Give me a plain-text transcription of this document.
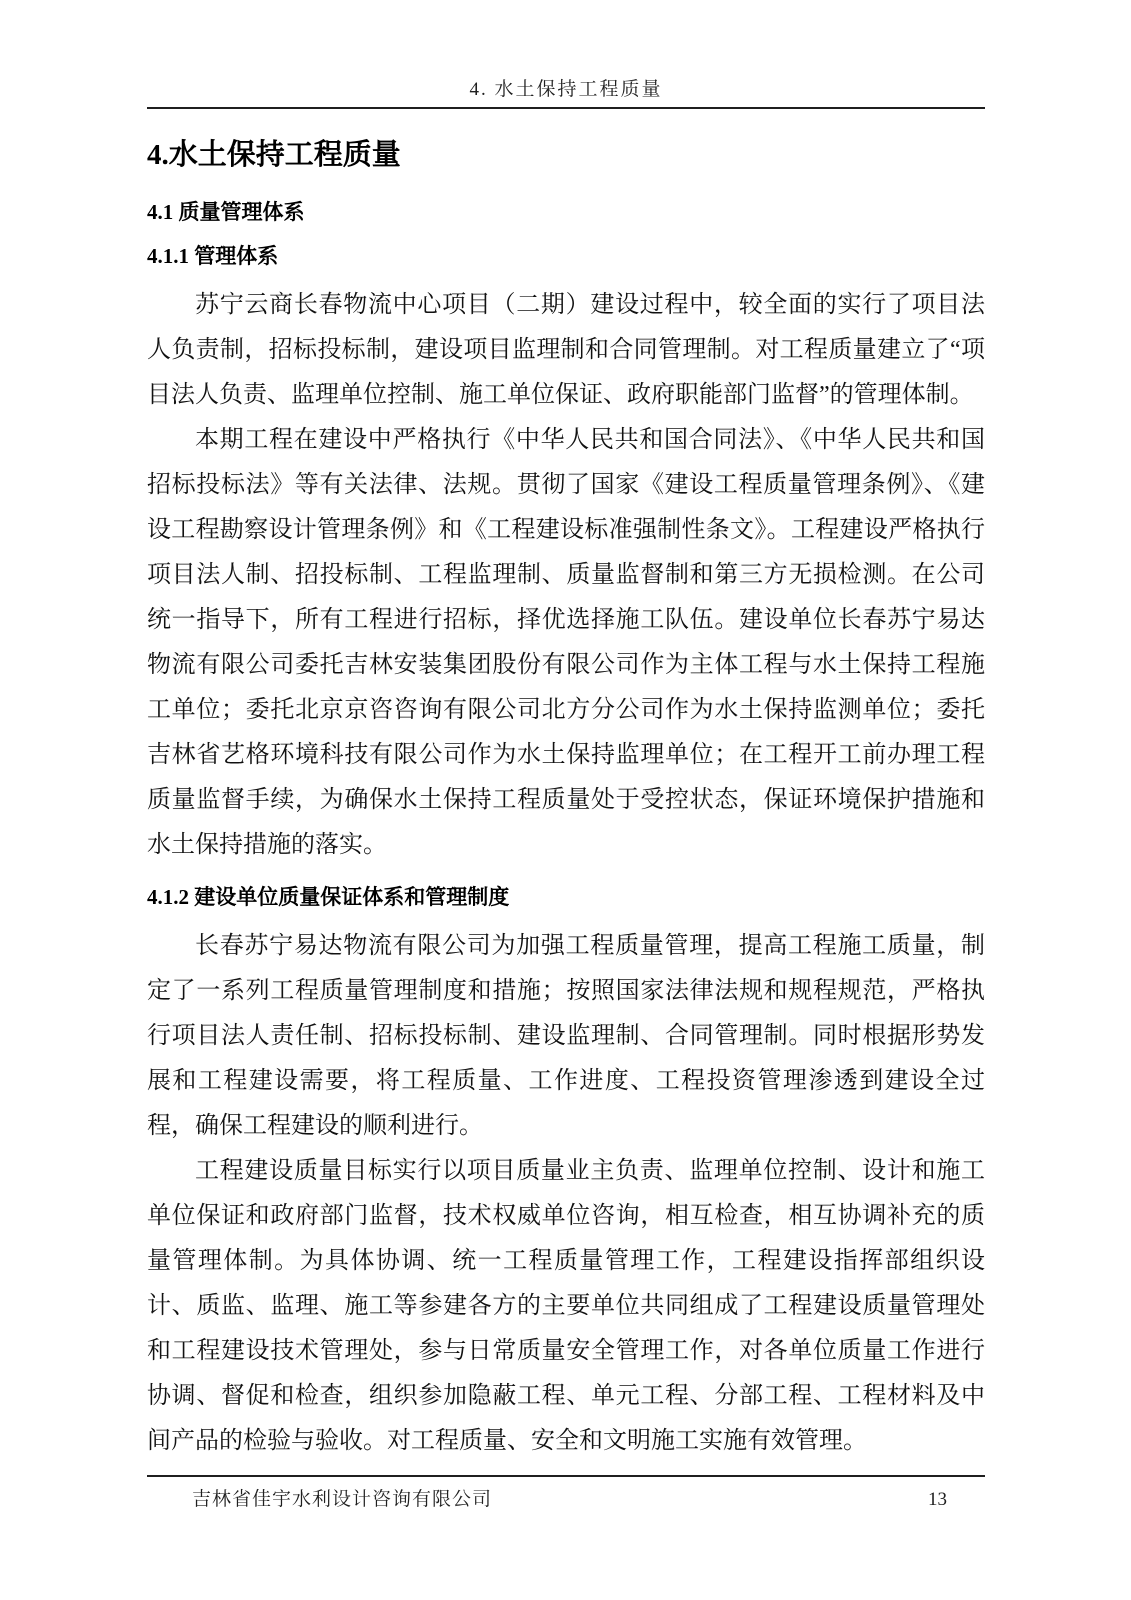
4. 水土保持工程质量
4.水土保持工程质量
4.1 质量管理体系
4.1.1 管理体系

苏宁云商长春物流中心项目（二期）建设过程中，较全面的实行了项目法人负责制，招标投标制，建设项目监理制和合同管理制。对工程质量建立了“项目法人负责、监理单位控制、施工单位保证、政府职能部门监督”的管理体制。

本期工程在建设中严格执行《中华人民共和国合同法》、《中华人民共和国招标投标法》等有关法律、法规。贯彻了国家《建设工程质量管理条例》、《建设工程勘察设计管理条例》和《工程建设标准强制性条文》。工程建设严格执行项目法人制、招投标制、工程监理制、质量监督制和第三方无损检测。在公司统一指导下，所有工程进行招标，择优选择施工队伍。建设单位长春苏宁易达物流有限公司委托吉林安装集团股份有限公司作为主体工程与水土保持工程施工单位；委托北京京咨咨询有限公司北方分公司作为水土保持监测单位；委托吉林省艺格环境科技有限公司作为水土保持监理单位；在工程开工前办理工程质量监督手续，为确保水土保持工程质量处于受控状态，保证环境保护措施和水土保持措施的落实。

4.1.2 建设单位质量保证体系和管理制度

长春苏宁易达物流有限公司为加强工程质量管理，提高工程施工质量，制定了一系列工程质量管理制度和措施；按照国家法律法规和规程规范，严格执行项目法人责任制、招标投标制、建设监理制、合同管理制。同时根据形势发展和工程建设需要，将工程质量、工作进度、工程投资管理渗透到建设全过程，确保工程建设的顺利进行。

工程建设质量目标实行以项目质量业主负责、监理单位控制、设计和施工单位保证和政府部门监督，技术权威单位咨询，相互检查，相互协调补充的质量管理体制。为具体协调、统一工程质量管理工作，工程建设指挥部组织设计、质监、监理、施工等参建各方的主要单位共同组成了工程建设质量管理处和工程建设技术管理处，参与日常质量安全管理工作，对各单位质量工作进行协调、督促和检查，组织参加隐蔽工程、单元工程、分部工程、工程材料及中间产品的检验与验收。对工程质量、安全和文明施工实施有效管理。

吉林省佳宇水利设计咨询有限公司	13
